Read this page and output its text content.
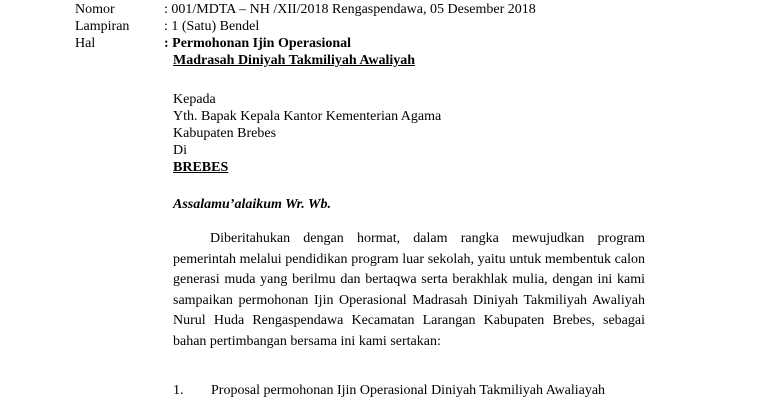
Nomor	: 001/MDTA – NH /XII/2018 Rengaspendawa, 05 Desember 2018
Lampiran : 1 (Satu) Bendel
Hal	: Permohonan Ijin Operasional
Madrasah Diniyah Takmiliyah Awaliyah
Kepada
Yth. Bapak Kepala Kantor Kementerian Agama
Kabupaten Brebes
Di
BREBES
Assalamu’alaikum Wr. Wb.
Diberitahukan dengan hormat, dalam rangka mewujudkan program pemerintah melalui pendidikan program luar sekolah, yaitu untuk membentuk calon generasi muda yang berilmu dan bertaqwa serta berakhlak mulia, dengan ini kami sampaikan permohonan Ijin Operasional Madrasah Diniyah Takmiliyah Awaliyah Nurul Huda Rengaspendawa Kecamatan Larangan Kabupaten Brebes, sebagai bahan pertimbangan bersama ini kami sertakan:
1. Proposal permohonan Ijin Operasional Diniyah Takmiliyah Awaliayah
